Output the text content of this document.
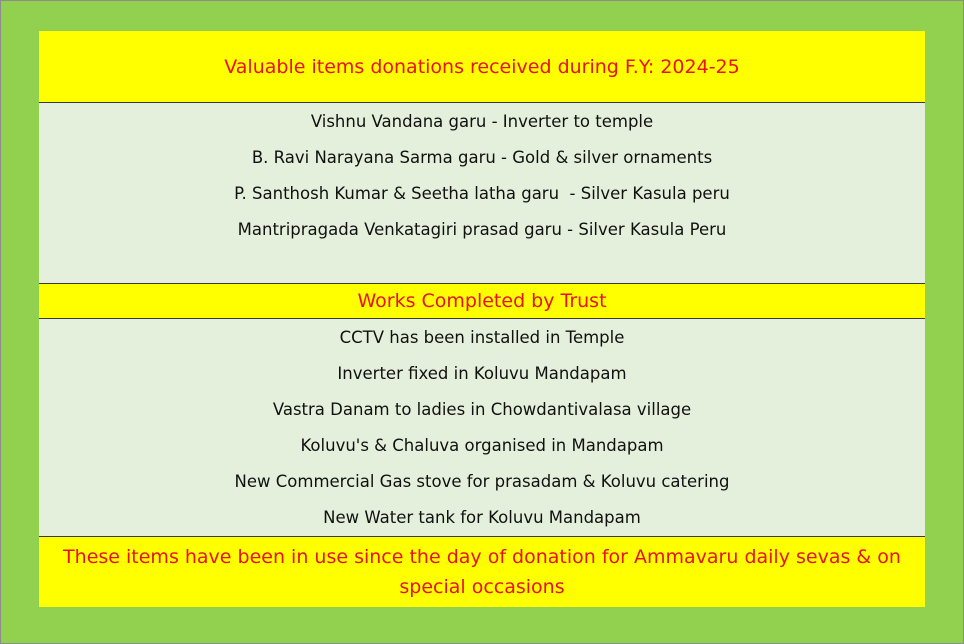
Valuable items donations received during F.Y: 2024-25
Vishnu Vandana garu - Inverter to temple
B. Ravi Narayana Sarma garu - Gold & silver ornaments
P. Santhosh Kumar & Seetha latha garu  - Silver Kasula peru
Mantripragada Venkatagiri prasad garu - Silver Kasula Peru
Works Completed by Trust
CCTV has been installed in Temple
Inverter fixed in Koluvu Mandapam
Vastra Danam to ladies in Chowdantivalasa village
Koluvu's & Chaluva organised in Mandapam
New Commercial Gas stove for prasadam & Koluvu catering
New Water tank for Koluvu Mandapam
These items have been in use since the day of donation for Ammavaru daily sevas & on special occasions
